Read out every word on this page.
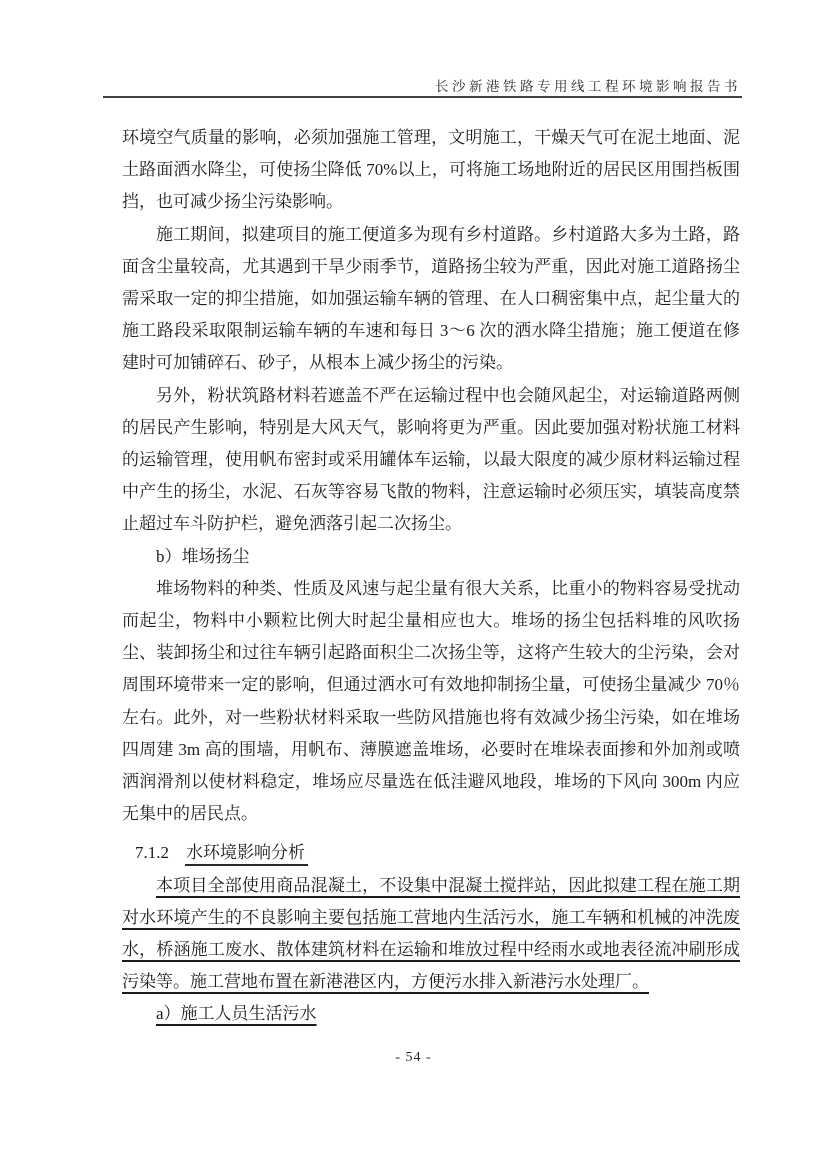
长沙新港铁路专用线工程环境影响报告书

环境空气质量的影响，必须加强施工管理，文明施工，干燥天气可在泥土地面、泥土路面洒水降尘，可使扬尘降低 70%以上，可将施工场地附近的居民区用围挡板围挡，也可减少扬尘污染影响。

施工期间，拟建项目的施工便道多为现有乡村道路。乡村道路大多为土路，路面含尘量较高，尤其遇到干旱少雨季节，道路扬尘较为严重，因此对施工道路扬尘需采取一定的抑尘措施，如加强运输车辆的管理、在人口稠密集中点，起尘量大的施工路段采取限制运输车辆的车速和每日 3～6 次的洒水降尘措施；施工便道在修建时可加铺碎石、砂子，从根本上减少扬尘的污染。

另外，粉状筑路材料若遮盖不严在运输过程中也会随风起尘，对运输道路两侧的居民产生影响，特别是大风天气，影响将更为严重。因此要加强对粉状施工材料的运输管理，使用帆布密封或采用罐体车运输，以最大限度的减少原材料运输过程中产生的扬尘，水泥、石灰等容易飞散的物料，注意运输时必须压实，填装高度禁止超过车斗防护栏，避免洒落引起二次扬尘。

b）堆场扬尘

堆场物料的种类、性质及风速与起尘量有很大关系，比重小的物料容易受扰动而起尘，物料中小颗粒比例大时起尘量相应也大。堆场的扬尘包括料堆的风吹扬尘、装卸扬尘和过往车辆引起路面积尘二次扬尘等，这将产生较大的尘污染，会对周围环境带来一定的影响，但通过洒水可有效地抑制扬尘量，可使扬尘量减少 70％左右。此外，对一些粉状材料采取一些防风措施也将有效减少扬尘污染，如在堆场四周建 3m 高的围墙，用帆布、薄膜遮盖堆场，必要时在堆垛表面掺和外加剂或喷洒润滑剂以使材料稳定，堆场应尽量选在低洼避风地段，堆场的下风向 300m 内应无集中的居民点。

7.1.2 水环境影响分析

本项目全部使用商品混凝土，不设集中混凝土搅拌站，因此拟建工程在施工期对水环境产生的不良影响主要包括施工营地内生活污水，施工车辆和机械的冲洗废水，桥涵施工废水、散体建筑材料在运输和堆放过程中经雨水或地表径流冲刷形成污染等。施工营地布置在新港港区内，方便污水排入新港污水处理厂。

a）施工人员生活污水

- 54 -
